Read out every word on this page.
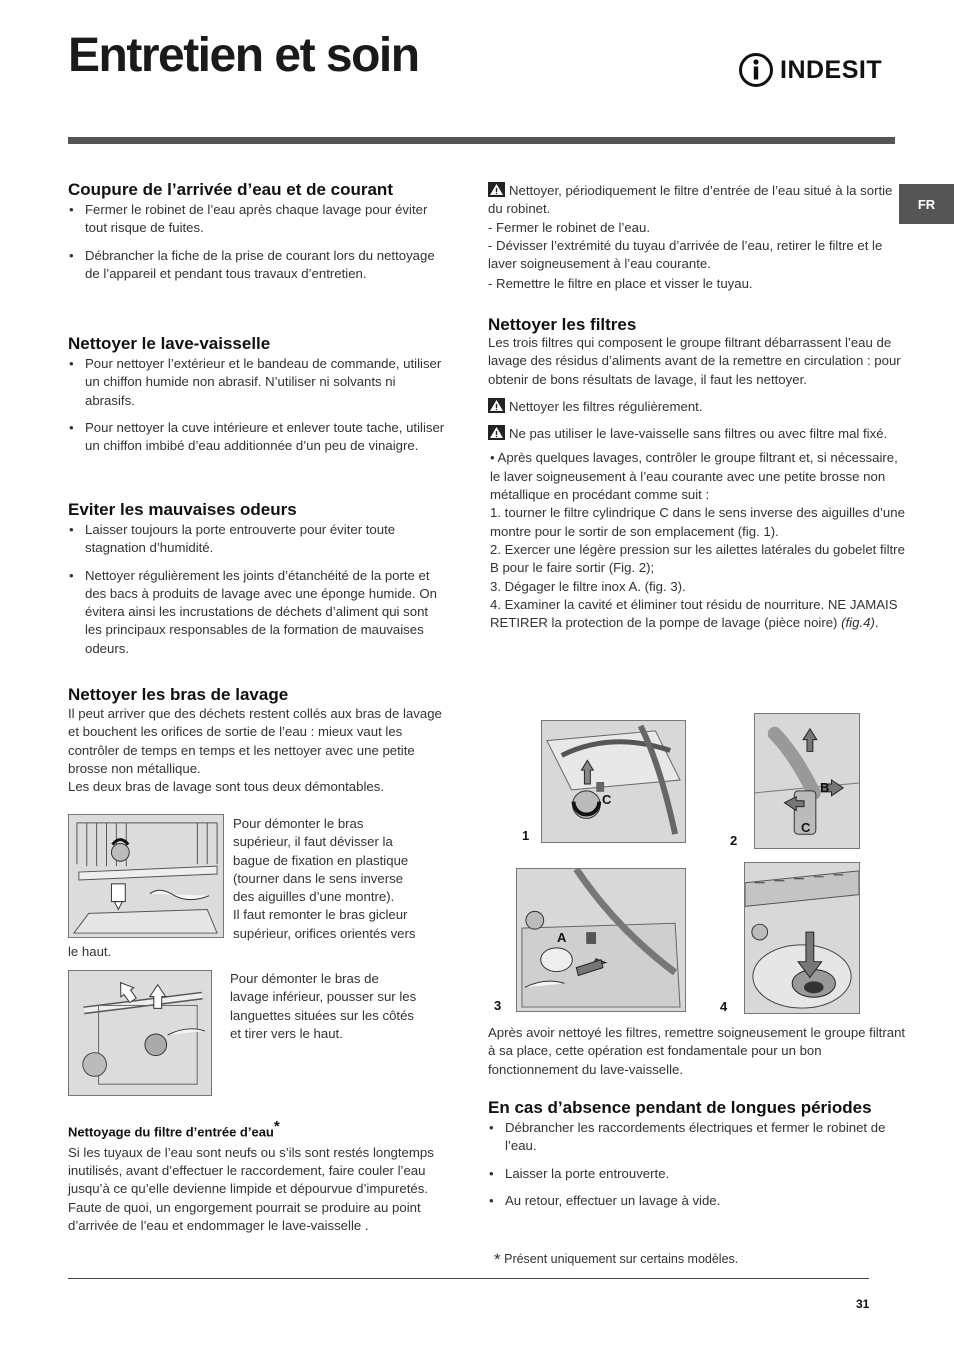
Entretien et soin	INDESIT
FR
Coupure de l’arrivée d’eau et de courant
• Fermer le robinet de l’eau après chaque lavage pour éviter tout risque de fuites.
• Débrancher la fiche de la prise de courant lors du nettoyage de l’appareil et pendant tous travaux d’entretien.
Nettoyer le lave-vaisselle
• Pour nettoyer l’extérieur et le bandeau de commande, utiliser un chiffon humide non abrasif. N’utiliser ni solvants ni abrasifs.
• Pour nettoyer la cuve intérieure et enlever toute tache, utiliser un chiffon imbibé d’eau additionnée d’un peu de vinaigre.
Eviter les mauvaises odeurs
• Laisser toujours la porte entrouverte pour éviter toute stagnation d’humidité.
• Nettoyer régulièrement les joints d’étanchéité de la porte et des bacs à produits de lavage avec une éponge humide. On évitera ainsi les incrustations de déchets d’aliment qui sont les principaux responsables de la formation de mauvaises odeurs.
Nettoyer les bras de lavage

Il peut arriver que des déchets restent collés aux bras de lavage et bouchent les orifices de sortie de l’eau : mieux vaut les contrôler de temps en temps et les nettoyer avec une petite brosse non métallique.

Les deux bras de lavage sont tous deux démontables.

Pour démonter le bras
supérieur, il faut dévisser la
bague de fixation en plastique
(tourner dans le sens inverse
des aiguilles d’une montre).
Il faut remonter le bras gicleur
supérieur, orifices orientés vers
le haut.
Pour démonter le bras de
lavage inférieur, pousser sur les
languettes situées sur les côtés
et tirer vers le haut.
Nettoyage du filtre d’entrée d’eau*

Si les tuyaux de l’eau sont neufs ou s’ils sont restés longtemps inutilisés, avant d’effectuer le raccordement, faire couler l’eau jusqu’à ce qu’elle devienne limpide et dépourvue d’impuretés. Faute de quoi, un engorgement pourrait se produire au point d’arrivée de l’eau et endommager le lave-vaisselle .

Nettoyer, périodiquement le filtre d’entrée de l’eau situé à la sortie du robinet.

- Fermer le robinet de l’eau.

- Dévisser l’extrémité du tuyau d’arrivée de l’eau, retirer le filtre et le laver soigneusement à l’eau courante.

- Remettre le filtre en place et visser le tuyau.

Nettoyer les filtres

Les trois filtres qui composent le groupe filtrant débarrassent l’eau de lavage des résidus d’aliments avant de la remettre en circulation : pour obtenir de bons résultats de lavage, il faut les nettoyer.

Nettoyer les filtres régulièrement.

Ne pas utiliser le lave-vaisselle sans filtres ou avec filtre mal fixé.

• Après quelques lavages, contrôler le groupe filtrant et, si nécessaire, le laver soigneusement à l’eau courante avec une petite brosse non métallique en procédant comme suit :

1. tourner le filtre cylindrique C dans le sens inverse des aiguilles d’une montre pour le sortir de son emplacement (fig. 1).

2. Exercer une légère pression sur les ailettes latérales du gobelet filtre B pour le faire sortir (Fig. 2);

3. Dégager le filtre inox A. (fig. 3).

4. Examiner la cavité et éliminer tout résidu de nourriture. NE JAMAIS RETIRER la protection de la pompe de lavage (pièce noire) (fig.4).

C
1
B
C
2
A
3	4
Après avoir nettoyé les filtres, remettre soigneusement le groupe filtrant à sa place, cette opération est fondamentale pour un bon fonctionnement du lave-vaisselle.
En cas d’absence pendant de longues périodes
• Débrancher les raccordements électriques et fermer le robinet de l’eau.
• Laisser la porte entrouverte.
• Au retour, effectuer un lavage à vide.
* Présent uniquement sur certains modèles.
31
